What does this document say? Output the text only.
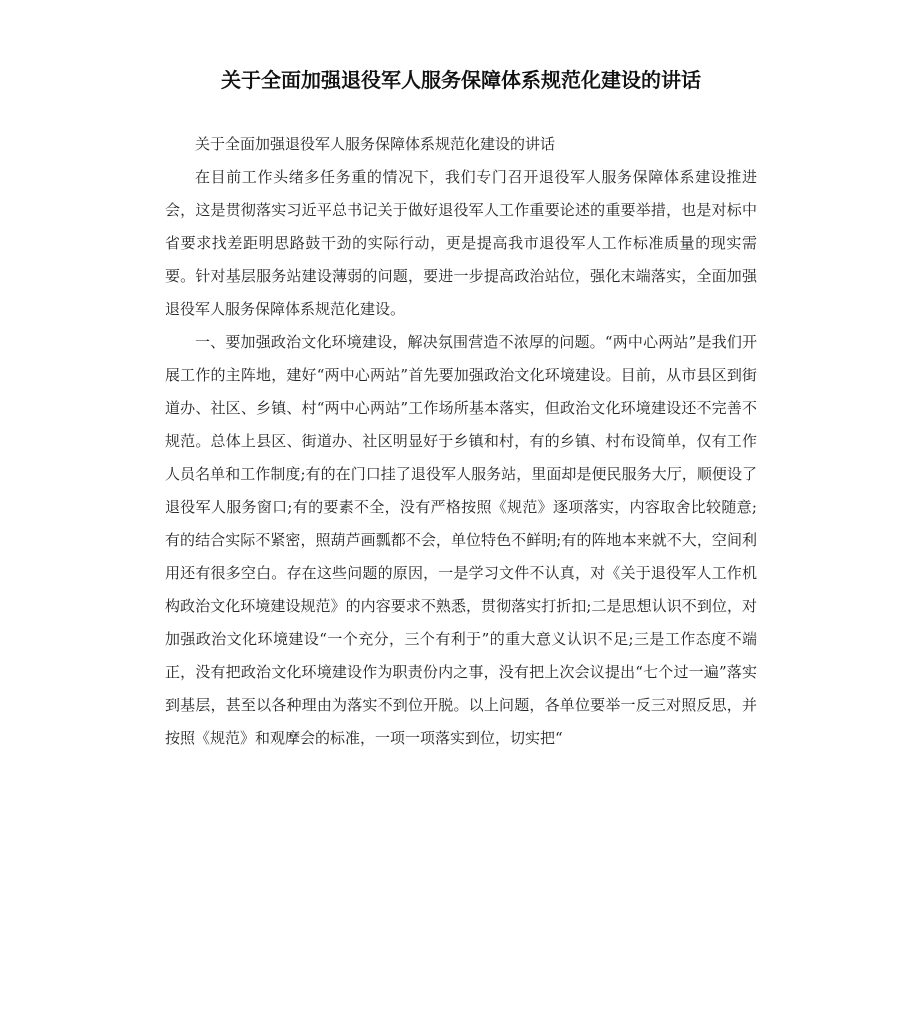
关于全面加强退役军人服务保障体系规范化建设的讲话

关于全面加强退役军人服务保障体系规范化建设的讲话

在目前工作头绪多任务重的情况下，我们专门召开退役军人服务保障体系建设推进会，这是贯彻落实习近平总书记关于做好退役军人工作重要论述的重要举措，也是对标中省要求找差距明思路鼓干劲的实际行动，更是提高我市退役军人工作标准质量的现实需要。针对基层服务站建设薄弱的问题，要进一步提高政治站位，强化末端落实，全面加强退役军人服务保障体系规范化建设。

一、要加强政治文化环境建设，解决氛围营造不浓厚的问题。“两中心两站”是我们开展工作的主阵地，建好“两中心两站”首先要加强政治文化环境建设。目前，从市县区到街道办、社区、乡镇、村“两中心两站”工作场所基本落实，但政治文化环境建设还不完善不规范。总体上县区、街道办、社区明显好于乡镇和村，有的乡镇、村布设简单，仅有工作人员名单和工作制度;有的在门口挂了退役军人服务站，里面却是便民服务大厅，顺便设了退役军人服务窗口;有的要素不全，没有严格按照《规范》逐项落实，内容取舍比较随意;有的结合实际不紧密，照葫芦画瓢都不会，单位特色不鲜明;有的阵地本来就不大，空间利用还有很多空白。存在这些问题的原因，一是学习文件不认真，对《关于退役军人工作机构政治文化环境建设规范》的内容要求不熟悉，贯彻落实打折扣;二是思想认识不到位，对加强政治文化环境建设“一个充分，三个有利于”的重大意义认识不足;三是工作态度不端正，没有把政治文化环境建设作为职责份内之事，没有把上次会议提出“七个过一遍”落实到基层，甚至以各种理由为落实不到位开脱。以上问题，各单位要举一反三对照反思，并按照《规范》和观摩会的标准，一项一项落实到位，切实把“
